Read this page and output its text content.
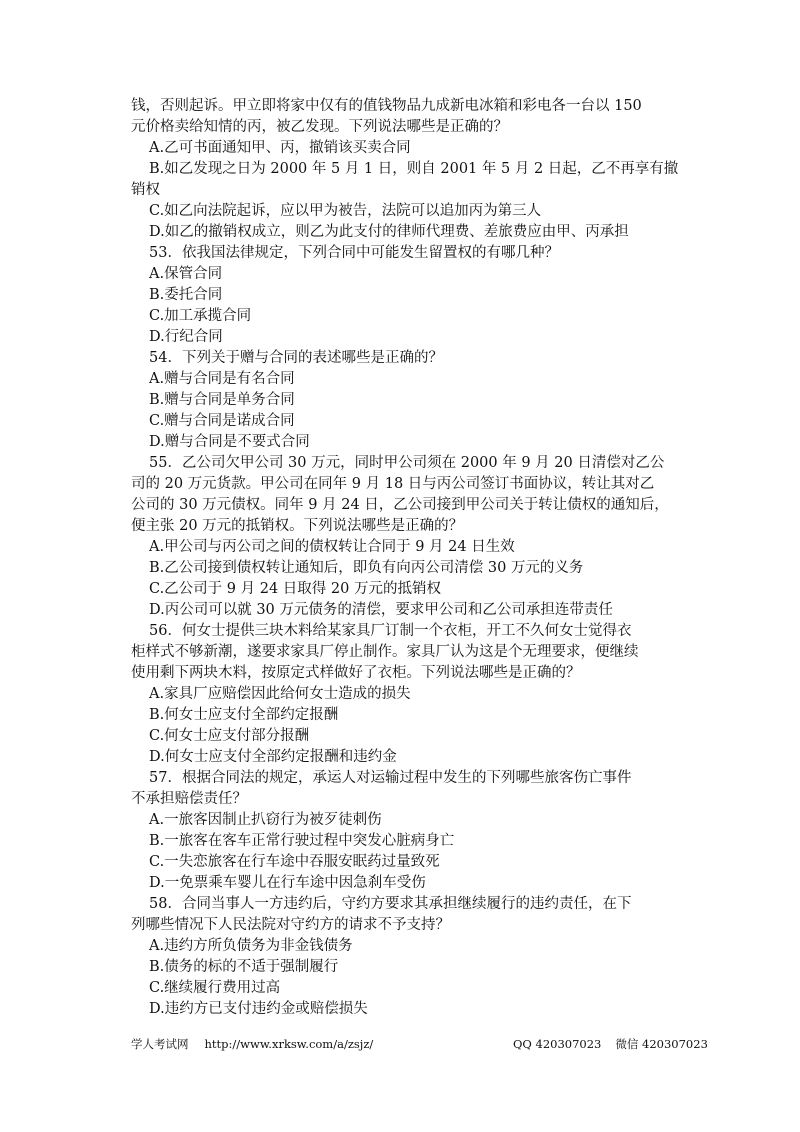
钱，否则起诉。甲立即将家中仅有的值钱物品九成新电冰箱和彩电各一台以 150
元价格卖给知情的丙，被乙发现。下列说法哪些是正确的？
A.乙可书面通知甲、丙，撤销该买卖合同
B.如乙发现之日为 2000 年 5 月 1 日，则自 2001 年 5 月 2 日起，乙不再享有撤
销权
C.如乙向法院起诉，应以甲为被告，法院可以追加丙为第三人
D.如乙的撤销权成立，则乙为此支付的律师代理费、差旅费应由甲、丙承担
53．依我国法律规定，下列合同中可能发生留置权的有哪几种？
A.保管合同
B.委托合同
C.加工承揽合同
D.行纪合同
54．下列关于赠与合同的表述哪些是正确的？
A.赠与合同是有名合同
B.赠与合同是单务合同
C.赠与合同是诺成合同
D.赠与合同是不要式合同
55．乙公司欠甲公司 30 万元，同时甲公司须在 2000 年 9 月 20 日清偿对乙公
司的 20 万元货款。甲公司在同年 9 月 18 日与丙公司签订书面协议，转让其对乙
公司的 30 万元债权。同年 9 月 24 日，乙公司接到甲公司关于转让债权的通知后，
便主张 20 万元的抵销权。下列说法哪些是正确的？
A.甲公司与丙公司之间的债权转让合同于 9 月 24 日生效
B.乙公司接到债权转让通知后，即负有向丙公司清偿 30 万元的义务
C.乙公司于 9 月 24 日取得 20 万元的抵销权
D.丙公司可以就 30 万元债务的清偿，要求甲公司和乙公司承担连带责任
56．何女士提供三块木料给某家具厂订制一个衣柜，开工不久何女士觉得衣
柜样式不够新潮，遂要求家具厂停止制作。家具厂认为这是个无理要求，便继续
使用剩下两块木料，按原定式样做好了衣柜。下列说法哪些是正确的？
A.家具厂应赔偿因此给何女士造成的损失
B.何女士应支付全部约定报酬
C.何女士应支付部分报酬
D.何女士应支付全部约定报酬和违约金
57．根据合同法的规定，承运人对运输过程中发生的下列哪些旅客伤亡事件
不承担赔偿责任？
A.一旅客因制止扒窃行为被歹徒刺伤
B.一旅客在客车正常行驶过程中突发心脏病身亡
C.一失恋旅客在行车途中吞服安眠药过量致死
D.一免票乘车婴儿在行车途中因急刹车受伤
58．合同当事人一方违约后，守约方要求其承担继续履行的违约责任，在下
列哪些情况下人民法院对守约方的请求不予支持？
A.违约方所负债务为非金钱债务
B.债务的标的不适于强制履行
C.继续履行费用过高
D.违约方已支付违约金或赔偿损失
学人考试网 http://www.xrksw.com/a/zsjz/	QQ 420307023 微信 420307023
